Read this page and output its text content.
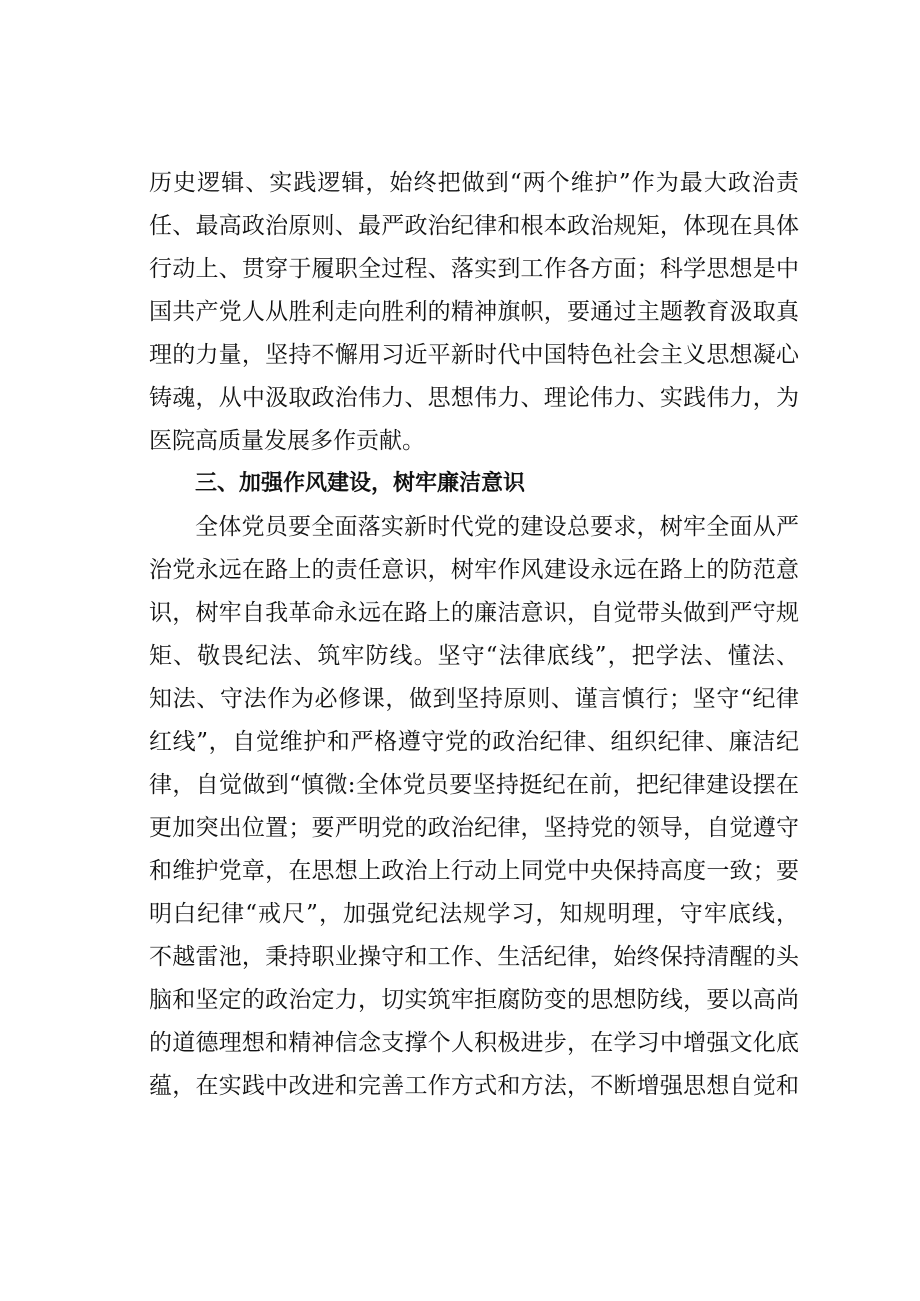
历史逻辑、实践逻辑，始终把做到“两个维护”作为最大政治责
任、最高政治原则、最严政治纪律和根本政治规矩，体现在具体
行动上、贯穿于履职全过程、落实到工作各方面；科学思想是中
国共产党人从胜利走向胜利的精神旗帜，要通过主题教育汲取真
理的力量，坚持不懈用习近平新时代中国特色社会主义思想凝心
铸魂，从中汲取政治伟力、思想伟力、理论伟力、实践伟力，为
医院高质量发展多作贡献。
三、加强作风建设，树牢廉洁意识
全体党员要全面落实新时代党的建设总要求，树牢全面从严
治党永远在路上的责任意识，树牢作风建设永远在路上的防范意
识，树牢自我革命永远在路上的廉洁意识，自觉带头做到严守规
矩、敬畏纪法、筑牢防线。坚守“法律底线”，把学法、懂法、
知法、守法作为必修课，做到坚持原则、谨言慎行；坚守“纪律
红线”，自觉维护和严格遵守党的政治纪律、组织纪律、廉洁纪
律，自觉做到“慎微:全体党员要坚持挺纪在前，把纪律建设摆在
更加突出位置；要严明党的政治纪律，坚持党的领导，自觉遵守
和维护党章，在思想上政治上行动上同党中央保持高度一致；要
明白纪律“戒尺”，加强党纪法规学习，知规明理，守牢底线，
不越雷池，秉持职业操守和工作、生活纪律，始终保持清醒的头
脑和坚定的政治定力，切实筑牢拒腐防变的思想防线，要以高尚
的道德理想和精神信念支撑个人积极进步，在学习中增强文化底
蕴，在实践中改进和完善工作方式和方法，不断增强思想自觉和
